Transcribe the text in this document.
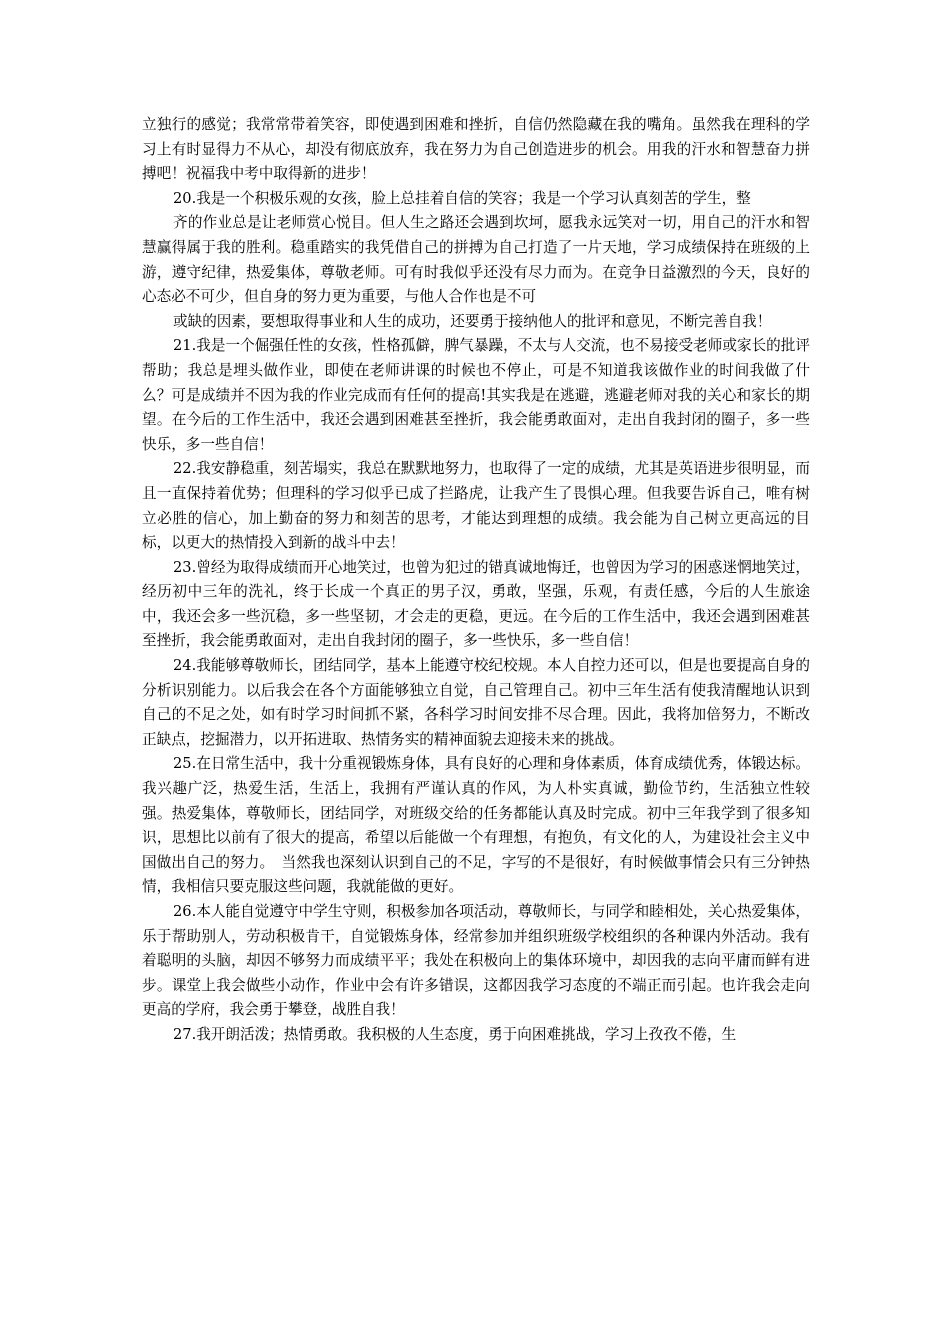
立独行的感觉；我常常带着笑容，即使遇到困难和挫折，自信仍然隐藏在我的嘴角。虽然我在理科的学习上有时显得力不从心，却没有彻底放弃，我在努力为自己创造进步的机会。用我的汗水和智慧奋力拼搏吧！祝福我中考中取得新的进步！

20.我是一个积极乐观的女孩，脸上总挂着自信的笑容；我是一个学习认真刻苦的学生，整

齐的作业总是让老师赏心悦目。但人生之路还会遇到坎坷，愿我永远笑对一切，用自己的汗水和智慧赢得属于我的胜利。稳重踏实的我凭借自己的拼搏为自己打造了一片天地，学习成绩保持在班级的上游，遵守纪律，热爱集体，尊敬老师。可有时我似乎还没有尽力而为。在竞争日益激烈的今天，良好的心态必不可少，但自身的努力更为重要，与他人合作也是不可

或缺的因素，要想取得事业和人生的成功，还要勇于接纳他人的批评和意见，不断完善自我！

21.我是一个倔强任性的女孩，性格孤僻，脾气暴躁，不太与人交流，也不易接受老师或家长的批评帮助；我总是埋头做作业，即使在老师讲课的时候也不停止，可是不知道我该做作业的时间我做了什么？可是成绩并不因为我的作业完成而有任何的提高!其实我是在逃避，逃避老师对我的关心和家长的期望。在今后的工作生活中，我还会遇到困难甚至挫折，我会能勇敢面对，走出自我封闭的圈子，多一些快乐，多一些自信！

22.我安静稳重，刻苦塌实，我总在默默地努力，也取得了一定的成绩，尤其是英语进步很明显，而且一直保持着优势；但理科的学习似乎已成了拦路虎，让我产生了畏惧心理。但我要告诉自己，唯有树立必胜的信心，加上勤奋的努力和刻苦的思考，才能达到理想的成绩。我会能为自己树立更高远的目标，以更大的热情投入到新的战斗中去！

23.曾经为取得成绩而开心地笑过，也曾为犯过的错真诚地悔迁，也曾因为学习的困惑迷惘地笑过，经历初中三年的洗礼，终于长成一个真正的男子汉，勇敢，坚强，乐观，有责任感，今后的人生旅途中，我还会多一些沉稳，多一些坚韧，才会走的更稳，更远。在今后的工作生活中，我还会遇到困难甚至挫折，我会能勇敢面对，走出自我封闭的圈子，多一些快乐，多一些自信！

24.我能够尊敬师长，团结同学，基本上能遵守校纪校规。本人自控力还可以，但是也要提高自身的分析识别能力。以后我会在各个方面能够独立自觉，自己管理自己。初中三年生活有使我清醒地认识到自己的不足之处，如有时学习时间抓不紧，各科学习时间安排不尽合理。因此，我将加倍努力，不断改正缺点，挖掘潜力，以开拓进取、热情务实的精神面貌去迎接未来的挑战。

25.在日常生活中，我十分重视锻炼身体，具有良好的心理和身体素质，体育成绩优秀，体锻达标。我兴趣广泛，热爱生活，生活上，我拥有严谨认真的作风，为人朴实真诚，勤俭节约，生活独立性较强。热爱集体，尊敬师长，团结同学，对班级交给的任务都能认真及时完成。初中三年我学到了很多知识，思想比以前有了很大的提高，希望以后能做一个有理想，有抱负，有文化的人，为建设社会主义中国做出自己的努力。　当然我也深刻认识到自己的不足，字写的不是很好，有时候做事情会只有三分钟热情，我相信只要克服这些问题，我就能做的更好。

26.本人能自觉遵守中学生守则，积极参加各项活动，尊敬师长，与同学和睦相处，关心热爱集体，乐于帮助别人，劳动积极肯干，自觉锻炼身体，经常参加并组织班级学校组织的各种课内外活动。我有着聪明的头脑，却因不够努力而成绩平平；我处在积极向上的集体环境中，却因我的志向平庸而鲜有进步。课堂上我会做些小动作，作业中会有许多错误，这都因我学习态度的不端正而引起。也许我会走向更高的学府，我会勇于攀登，战胜自我！

27.我开朗活泼；热情勇敢。我积极的人生态度，勇于向困难挑战，学习上孜孜不倦，生
